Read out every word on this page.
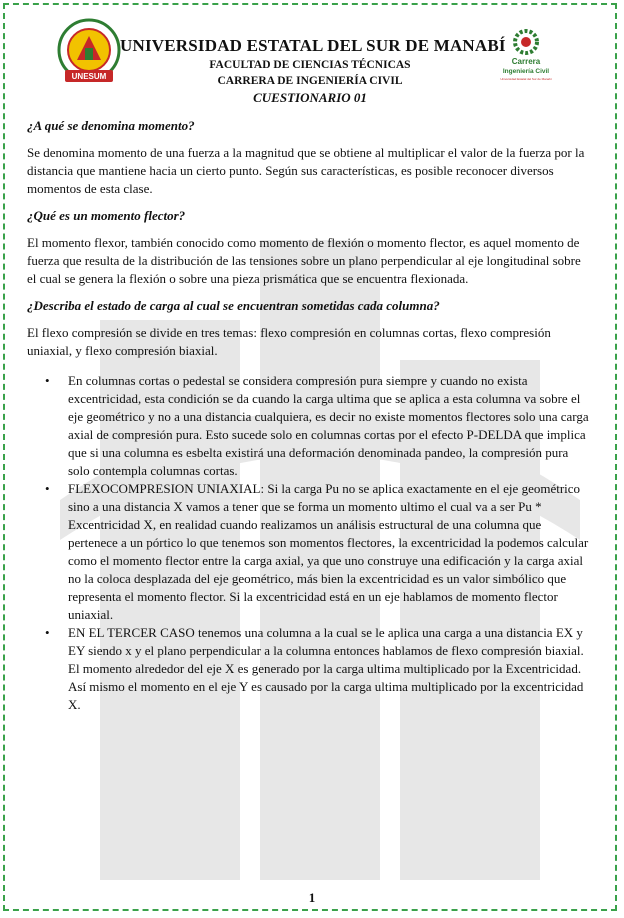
UNESUM
UNIVERSIDAD ESTATAL DEL SUR DE MANABÍ
FACULTAD DE CIENCIAS TÉCNICAS
CARRERA DE INGENIERÍA CIVIL
CUESTIONARIO 01
Carrera
Ingeniería Civil
Universidad Estatal del Sur de Manabí

¿A qué se denomina momento?

Se denomina momento de una fuerza a la magnitud que se obtiene al multiplicar el valor de la fuerza por la distancia que mantiene hacia un cierto punto. Según sus características, es posible reconocer diversos momentos de esta clase.

¿Qué es un momento flector?

El momento flexor, también conocido como momento de flexión o momento flector, es aquel momento de fuerza que resulta de la distribución de las tensiones sobre un plano perpendicular al eje longitudinal sobre el cual se genera la flexión o sobre una pieza prismática que se encuentra flexionada.

¿Describa el estado de carga al cual se encuentran sometidas cada columna?

El flexo compresión se divide en tres temas: flexo compresión en columnas cortas, flexo compresión uniaxial, y flexo compresión biaxial.

• En columnas cortas o pedestal se considera compresión pura siempre y cuando no exista excentricidad, esta condición se da cuando la carga ultima que se aplica a esta columna va sobre el eje geométrico y no a una distancia cualquiera, es decir no existe momentos flectores solo una carga axial de compresión pura. Esto sucede solo en columnas cortas por el efecto P-DELDA que implica que si una columna es esbelta existirá una deformación denominada pandeo, la compresión pura solo contempla columnas cortas.
• FLEXOCOMPRESION UNIAXIAL: Si la carga Pu no se aplica exactamente en el eje geométrico sino a una distancia X vamos a tener que se forma un momento ultimo el cual va a ser Pu * Excentricidad X, en realidad cuando realizamos un análisis estructural de una columna que pertenece a un pórtico lo que tenemos son momentos flectores, la excentricidad la podemos calcular como el momento flector entre la carga axial, ya que uno construye una edificación y la carga axial no la coloca desplazada del eje geométrico, más bien la excentricidad es un valor simbólico que representa el momento flector. Si la excentricidad está en un eje hablamos de momento flector uniaxial.
• EN EL TERCER CASO tenemos una columna a la cual se le aplica una carga a una distancia EX y EY siendo x y el plano perpendicular a la columna entonces hablamos de flexo compresión biaxial. El momento alrededor del eje X es generado por la carga ultima multiplicado por la Excentricidad. Así mismo el momento en el eje Y es causado por la carga ultima multiplicado por la excentricidad X.
1
